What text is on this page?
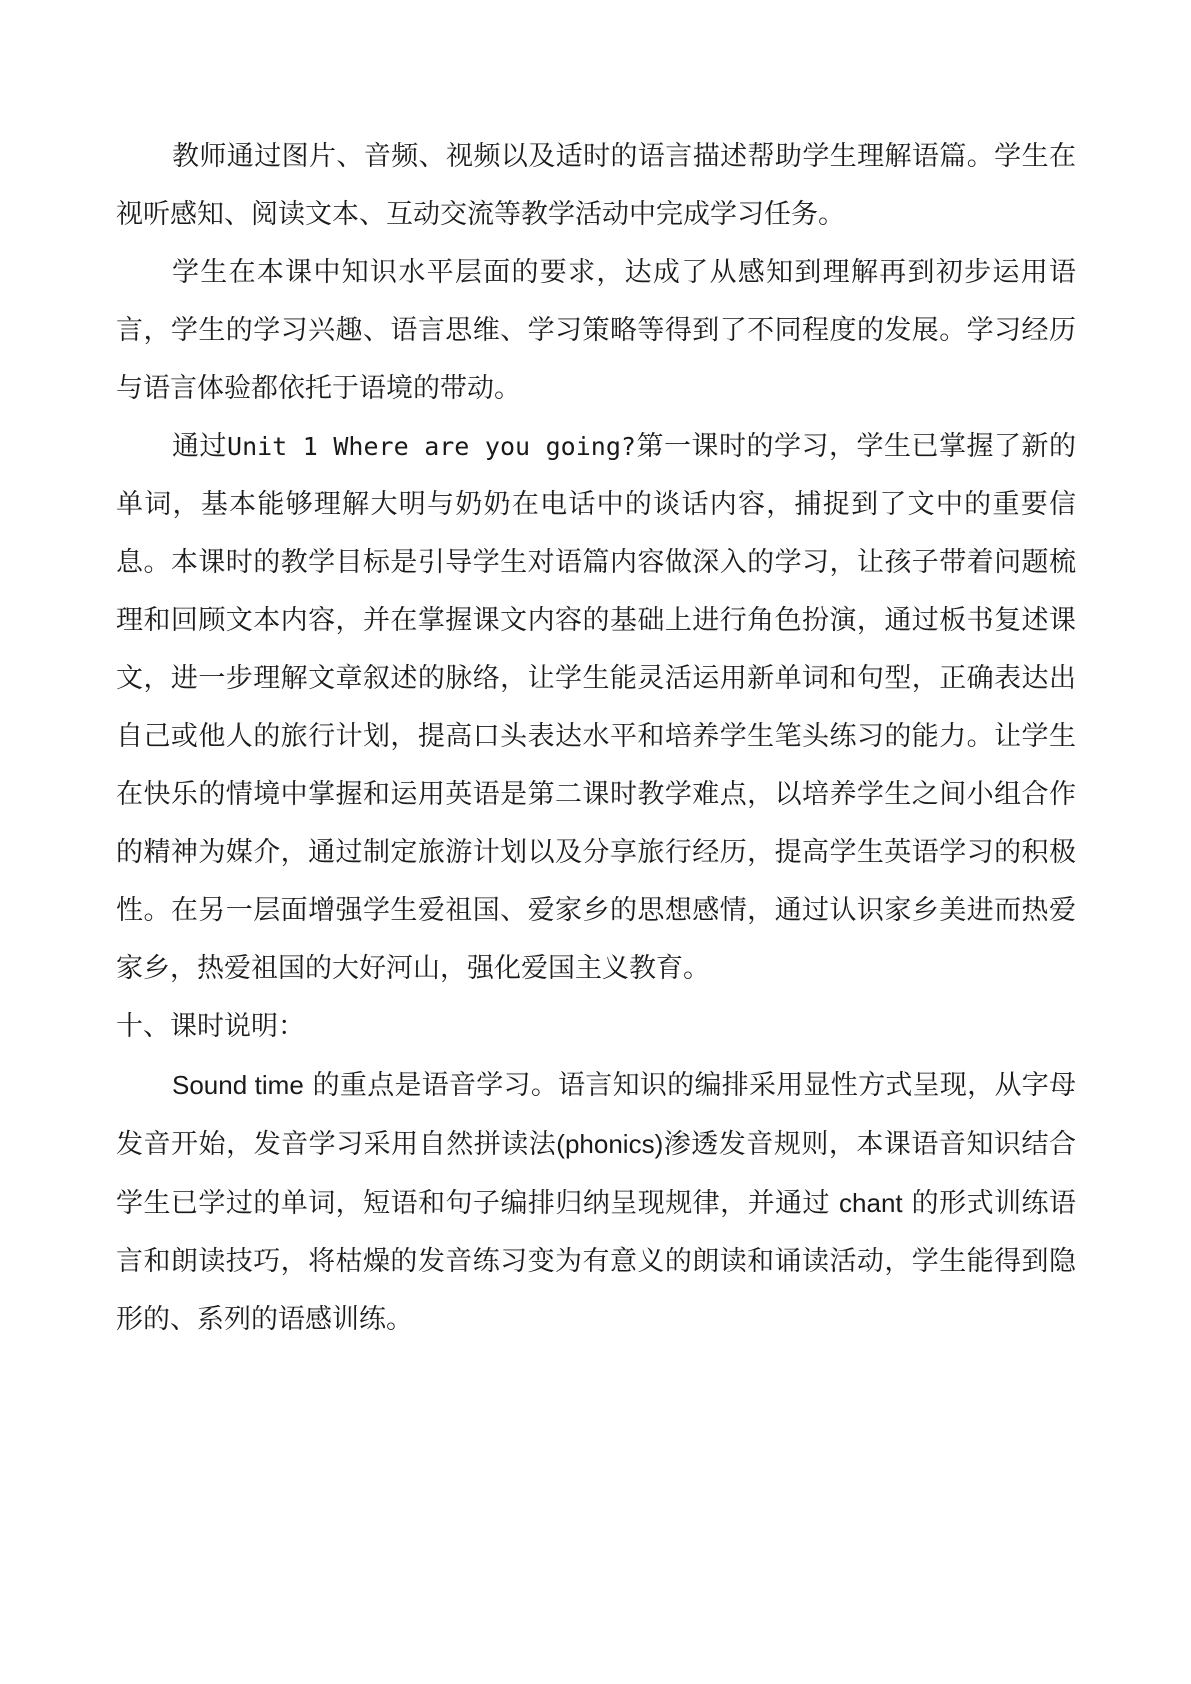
教师通过图片、音频、视频以及适时的语言描述帮助学生理解语篇。学生在视听感知、阅读文本、互动交流等教学活动中完成学习任务。

学生在本课中知识水平层面的要求，达成了从感知到理解再到初步运用语言，学生的学习兴趣、语言思维、学习策略等得到了不同程度的发展。学习经历与语言体验都依托于语境的带动。

通过Unit 1 Where are you going?第一课时的学习，学生已掌握了新的单词，基本能够理解大明与奶奶在电话中的谈话内容，捕捉到了文中的重要信息。本课时的教学目标是引导学生对语篇内容做深入的学习，让孩子带着问题梳理和回顾文本内容，并在掌握课文内容的基础上进行角色扮演，通过板书复述课文，进一步理解文章叙述的脉络，让学生能灵活运用新单词和句型，正确表达出自己或他人的旅行计划，提高口头表达水平和培养学生笔头练习的能力。让学生在快乐的情境中掌握和运用英语是第二课时教学难点，以培养学生之间小组合作的精神为媒介，通过制定旅游计划以及分享旅行经历，提高学生英语学习的积极性。在另一层面增强学生爱祖国、爱家乡的思想感情，通过认识家乡美进而热爱家乡，热爱祖国的大好河山，强化爱国主义教育。

十、课时说明：

Sound time 的重点是语音学习。语言知识的编排采用显性方式呈现，从字母发音开始，发音学习采用自然拼读法(phonics)渗透发音规则，本课语音知识结合学生已学过的单词，短语和句子编排归纳呈现规律，并通过 chant 的形式训练语言和朗读技巧，将枯燥的发音练习变为有意义的朗读和诵读活动，学生能得到隐形的、系列的语感训练。
